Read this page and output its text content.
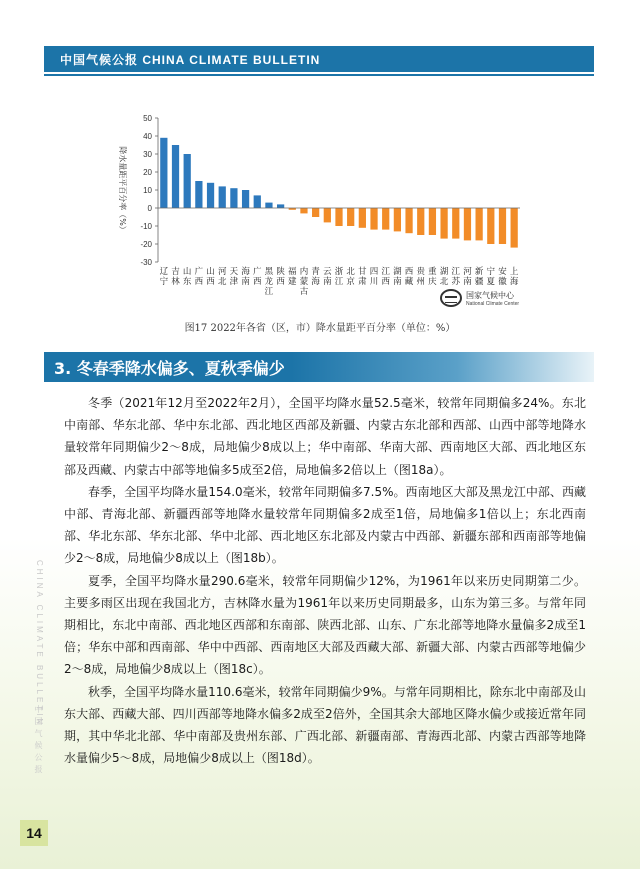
中国气候公报 CHINA CLIMATE BULLETIN
降水量距平百分率（%）
-30
-20
-10
0
10
20
30
40
50
辽宁
吉林
山东
广西
山西
河北
天津
海南
广西
黑龙江
陕西
福建
内蒙古
青海
云南
浙江
北京
甘肃
四川
江西
湖南
西藏
贵州
重庆
湖北
江苏
河南
新疆
宁夏
安徽
上海
国家气候中心
National Climate Center
图17 2022年各省（区，市）降水量距平百分率（单位：%）
3. 冬春季降水偏多、夏秋季偏少

冬季（2021年12月至2022年2月），全国平均降水量52.5毫米，较常年同期偏多24%。东北中南部、华东北部、华中东北部、西北地区西部及新疆、内蒙古东北部和西部、山西中部等地降水量较常年同期偏少2～8成，局地偏少8成以上；华中南部、华南大部、西南地区大部、西北地区东部及西藏、内蒙古中部等地偏多5成至2倍，局地偏多2倍以上（图18a）。

春季，全国平均降水量154.0毫米，较常年同期偏多7.5%。西南地区大部及黑龙江中部、西藏中部、青海北部、新疆西部等地降水量较常年同期偏多2成至1倍，局地偏多1倍以上；东北西南部、华北东部、华东北部、华中北部、西北地区东北部及内蒙古中西部、新疆东部和西南部等地偏少2～8成，局地偏少8成以上（图18b）。

夏季，全国平均降水量290.6毫米，较常年同期偏少12%，为1961年以来历史同期第二少。主要多雨区出现在我国北方，吉林降水量为1961年以来历史同期最多，山东为第三多。与常年同期相比，东北中南部、西北地区西部和东南部、陕西北部、山东、广东北部等地降水量偏多2成至1倍；华东中部和西南部、华中中西部、西南地区大部及西藏大部、新疆大部、内蒙古西部等地偏少2～8成，局地偏少8成以上（图18c）。

秋季，全国平均降水量110.6毫米，较常年同期偏少9%。与常年同期相比，除东北中南部及山东大部、西藏大部、四川西部等地降水偏多2成至2倍外，全国其余大部地区降水偏少或接近常年同期，其中华北北部、华中南部及贵州东部、广西北部、新疆南部、青海西北部、内蒙古西部等地降水量偏少5～8成，局地偏少8成以上（图18d）。

CHINA CLIMATE BULLETIN
中国气候公报
14
